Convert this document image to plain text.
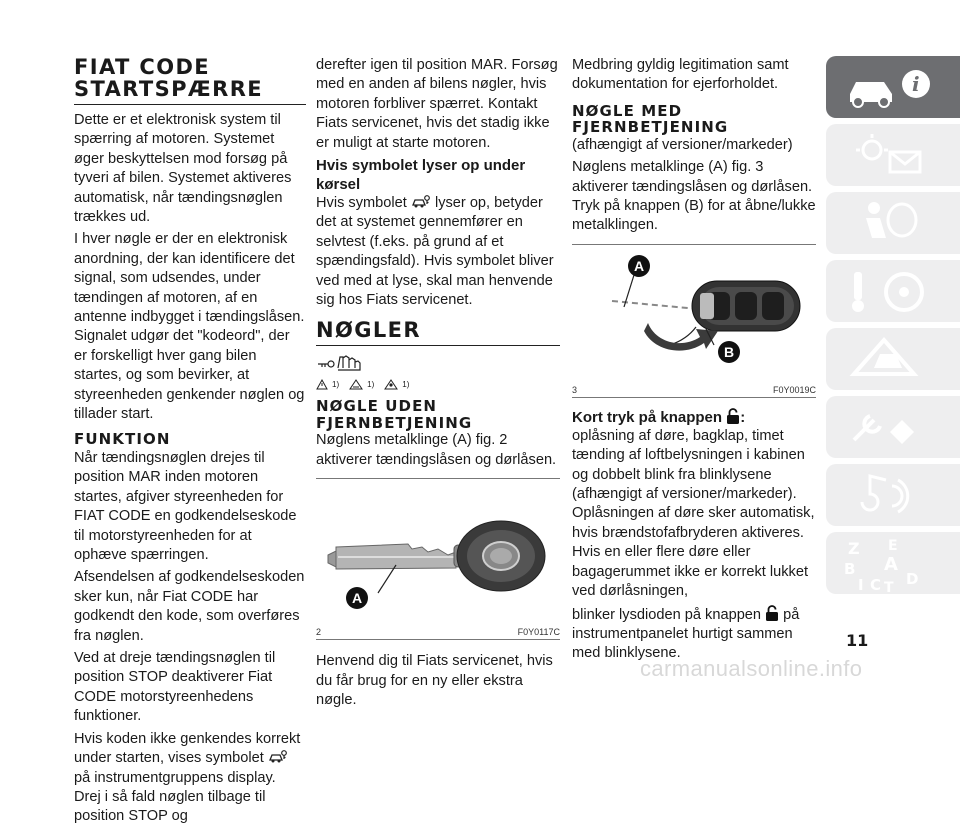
FIAT CODE
STARTSPÆRRE

Dette er et elektronisk system til spærring af motoren. Systemet øger beskyttelsen mod forsøg på tyveri af bilen. Systemet aktiveres automatisk, når tændingsnøglen trækkes ud.

I hver nøgle er der en elektronisk anordning, der kan identificere det signal, som udsendes, under tændingen af motoren, af en antenne indbygget i tændingslåsen. Signalet udgør det "kodeord", der er forskelligt hver gang bilen startes, og som bevirker, at styreenheden genkender nøglen og tillader start.

FUNKTION

Når tændingsnøglen drejes til position MAR inden motoren startes, afgiver styreenheden for FIAT CODE en godkendelseskode til motorstyreenheden for at ophæve spærringen.

Afsendelsen af godkendelseskoden sker kun, når Fiat CODE har godkendt den kode, som overføres fra nøglen.

Ved at dreje tændingsnøglen til position STOP deaktiverer Fiat CODE motorstyreenhedens funktioner.

Hvis koden ikke genkendes korrekt under starten, vises symbolet  på instrumentgruppens display. Drej i så fald nøglen tilbage til position STOP og

derefter igen til position MAR. Forsøg med en anden af bilens nøgler, hvis motoren forbliver spærret. Kontakt Fiats servicenet, hvis det stadig ikke er muligt at starte motoren.

Hvis symbolet lyser op under kørsel

Hvis symbolet lyser op, betyder det at systemet gennemfører en selvtest (f.eks. på grund af et spændingsfald). Hvis symbolet bliver ved med at lyse, skal man henvende sig hos Fiats servicenet.

NØGLER
1)	1)	1)
NØGLE UDEN
FJERNBETJENING

Nøglens metalklinge (A) fig. 2 aktiverer tændingslåsen og dørlåsen.

A
2	F0Y0117C

Henvend dig til Fiats servicenet, hvis du får brug for en ny eller ekstra nøgle.

Medbring gyldig legitimation samt dokumentation for ejerforholdet.

NØGLE MED
FJERNBETJENING

(afhængigt af versioner/markeder)

Nøglens metalklinge (A) fig. 3 aktiverer tændingslåsen og dørlåsen. Tryk på knappen (B) for at åbne/lukke metalklingen.

A
B
3	F0Y0019C
Kort tryk på knappen :

oplåsning af døre, bagklap, timet tænding af loftbelysningen i kabinen og dobbelt blink fra blinklysene (afhængigt af versioner/markeder). Oplåsningen af døre sker automatisk, hvis brændstofafbryderen aktiveres. Hvis en eller flere døre eller bagagerummet ikke er korrekt lukket ved dørlåsningen,

blinker lysdioden på knappen på instrumentpanelet hurtigt sammen med blinklysene.

i
Z E
B A
I C T D
11
carmanualsonline.info
